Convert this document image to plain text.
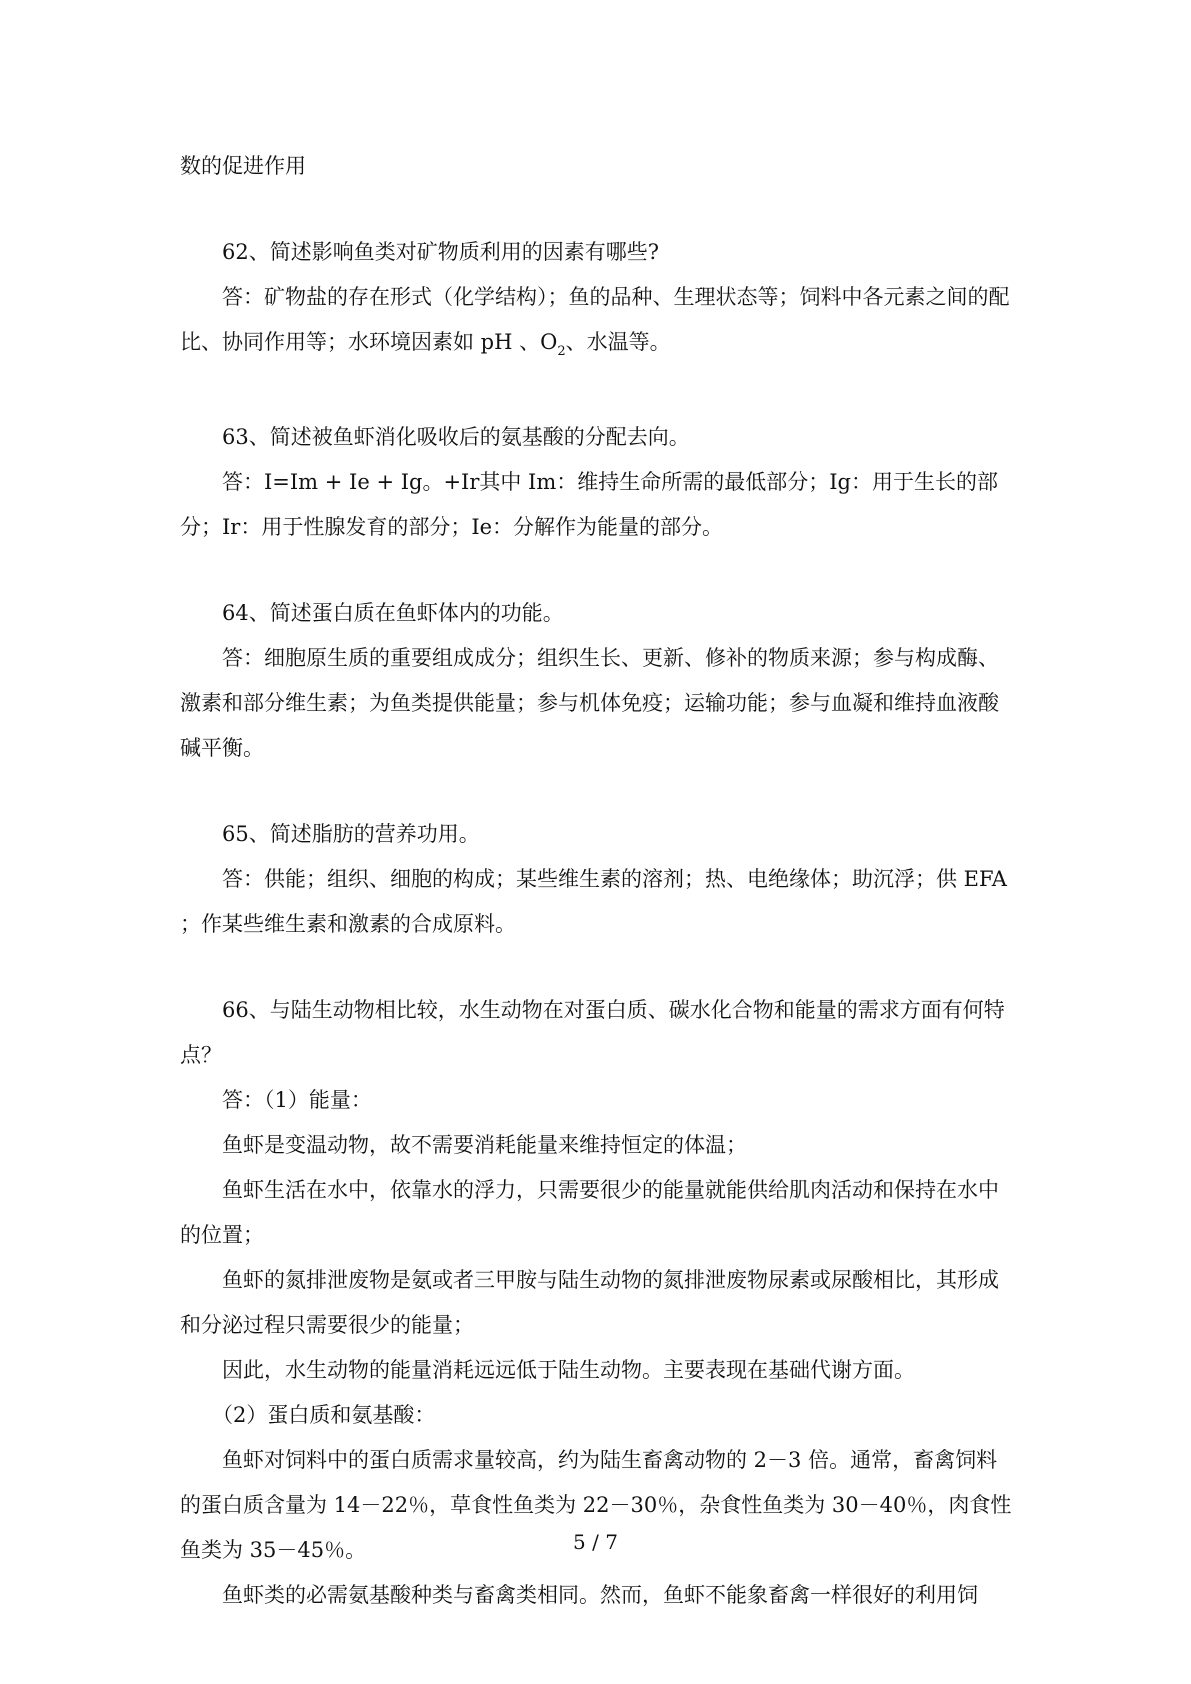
数的促进作用

62、简述影响鱼类对矿物质利用的因素有哪些?

答：矿物盐的存在形式（化学结构）；鱼的品种、生理状态等；饲料中各元素之间的配比、协同作用等；水环境因素如 pH 、$O_2$、水温等。

63、简述被鱼虾消化吸收后的氨基酸的分配去向。

答：I=Im + Ie + Ig。+Ir其中 Im：维持生命所需的最低部分；Ig：用于生长的部分；Ir：用于性腺发育的部分；Ie：分解作为能量的部分。

64、简述蛋白质在鱼虾体内的功能。

答：细胞原生质的重要组成成分；组织生长、更新、修补的物质来源；参与构成酶、激素和部分维生素；为鱼类提供能量；参与机体免疫；运输功能；参与血凝和维持血液酸碱平衡。

65、简述脂肪的营养功用。

答：供能；组织、细胞的构成；某些维生素的溶剂；热、电绝缘体；助沉浮；供 EFA ；作某些维生素和激素的合成原料。

66、与陆生动物相比较，水生动物在对蛋白质、碳水化合物和能量的需求方面有何特点？

答：（1）能量：

鱼虾是变温动物，故不需要消耗能量来维持恒定的体温；

鱼虾生活在水中，依靠水的浮力，只需要很少的能量就能供给肌肉活动和保持在水中的位置；

鱼虾的氮排泄废物是氨或者三甲胺与陆生动物的氮排泄废物尿素或尿酸相比，其形成和分泌过程只需要很少的能量；

因此，水生动物的能量消耗远远低于陆生动物。主要表现在基础代谢方面。

（2）蛋白质和氨基酸：

鱼虾对饲料中的蛋白质需求量较高，约为陆生畜禽动物的 2－3 倍。通常，畜禽饲料的蛋白质含量为 14－22％，草食性鱼类为 22－30％，杂食性鱼类为 30－40％，肉食性鱼类为 35－45％。

鱼虾类的必需氨基酸种类与畜禽类相同。然而，鱼虾不能象畜禽一样很好的利用饲

5 / 7
